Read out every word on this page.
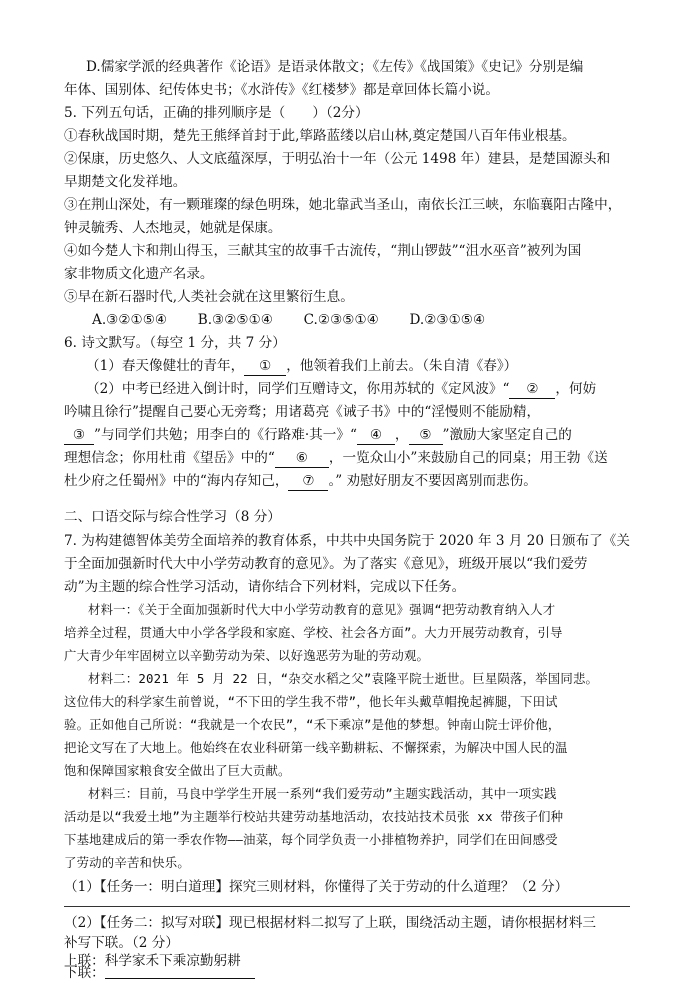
D.儒家学派的经典著作《论语》是语录体散文；《左传》《战国策》《史记》分别是编
年体、国别体、纪传体史书；《水浒传》《红楼梦》都是章回体长篇小说。
5. 下列五句话，正确的排列顺序是（　　）（2分）
①春秋战国时期，楚先王熊绎首封于此,筚路蓝缕以启山林,奠定楚国八百年伟业根基。
②保康，历史悠久、人文底蕴深厚，于明弘治十一年（公元 1498 年）建县，是楚国源头和
早期楚文化发祥地。
③在荆山深处，有一颗璀璨的绿色明珠，她北靠武当圣山，南依长江三峡，东临襄阳古隆中，
钟灵毓秀、人杰地灵，她就是保康。
④如今楚人卞和荆山得玉，三献其宝的故事千古流传，“荆山锣鼓”“沮水巫音”被列为国
家非物质文化遗产名录。
⑤早在新石器时代,人类社会就在这里繁衍生息。
A.③②①⑤④ B.③②⑤①④ C.②③⑤①④ D.②③①⑤④
6. 诗文默写。（每空 1 分，共 7 分）
（1）春天像健壮的青年， ① ，他领着我们上前去。（朱自清《春》）
（2）中考已经进入倒计时，同学们互赠诗文，你用苏轼的《定风波》“ ② ，何妨
吟啸且徐行”提醒自己要心无旁骛；用诸葛亮《诫子书》中的“淫慢则不能励精，
③ ”与同学们共勉；用李白的《行路难·其一》“ ④ ， ⑤ ”激励大家坚定自己的
理想信念；你用杜甫《望岳》中的“ ⑥ ，一览众山小”来鼓励自己的同桌；用王勃《送
杜少府之任蜀州》中的“海内存知己， ⑦ 。” 劝慰好朋友不要因离别而悲伤。
二、口语交际与综合性学习（8 分）
7. 为构建德智体美劳全面培养的教育体系，中共中央国务院于 2020 年 3 月 20 日颁布了《关
于全面加强新时代大中小学劳动教育的意见》。为了落实《意见》，班级开展以“我们爱劳
动”为主题的综合性学习活动，请你结合下列材料，完成以下任务。
材料一：《关于全面加强新时代大中小学劳动教育的意见》强调“把劳动教育纳入人才
培养全过程，贯通大中小学各学段和家庭、学校、社会各方面”。大力开展劳动教育，引导
广大青少年牢固树立以辛勤劳动为荣、以好逸恶劳为耻的劳动观。
材料二：2021 年 5 月 22 日，“杂交水稻之父”袁隆平院士逝世。巨星陨落，举国同悲。
这位伟大的科学家生前曾说，“不下田的学生我不带”，他长年头戴草帽挽起裤腿，下田试
验。正如他自己所说：“我就是一个农民”，“禾下乘凉”是他的梦想。钟南山院士评价他，
把论文写在了大地上。他始终在农业科研第一线辛勤耕耘、不懈探索，为解决中国人民的温
饱和保障国家粮食安全做出了巨大贡献。
材料三：目前，马良中学学生开展一系列“我们爱劳动”主题实践活动，其中一项实践
活动是以“我爱土地”为主题举行校站共建劳动基地活动，农技站技术员张 xx 带孩子们种
下基地建成后的第一季农作物——油菜，每个同学负责一小排植物养护，同学们在田间感受
了劳动的辛苦和快乐。
（1）【任务一：明白道理】探究三则材料，你懂得了关于劳动的什么道理？（2 分）
（2）【任务二：拟写对联】现已根据材料二拟写了上联，围绕活动主题，请你根据材料三
补写下联。（2 分）
上联：科学家禾下乘凉勤躬耕
下联：
